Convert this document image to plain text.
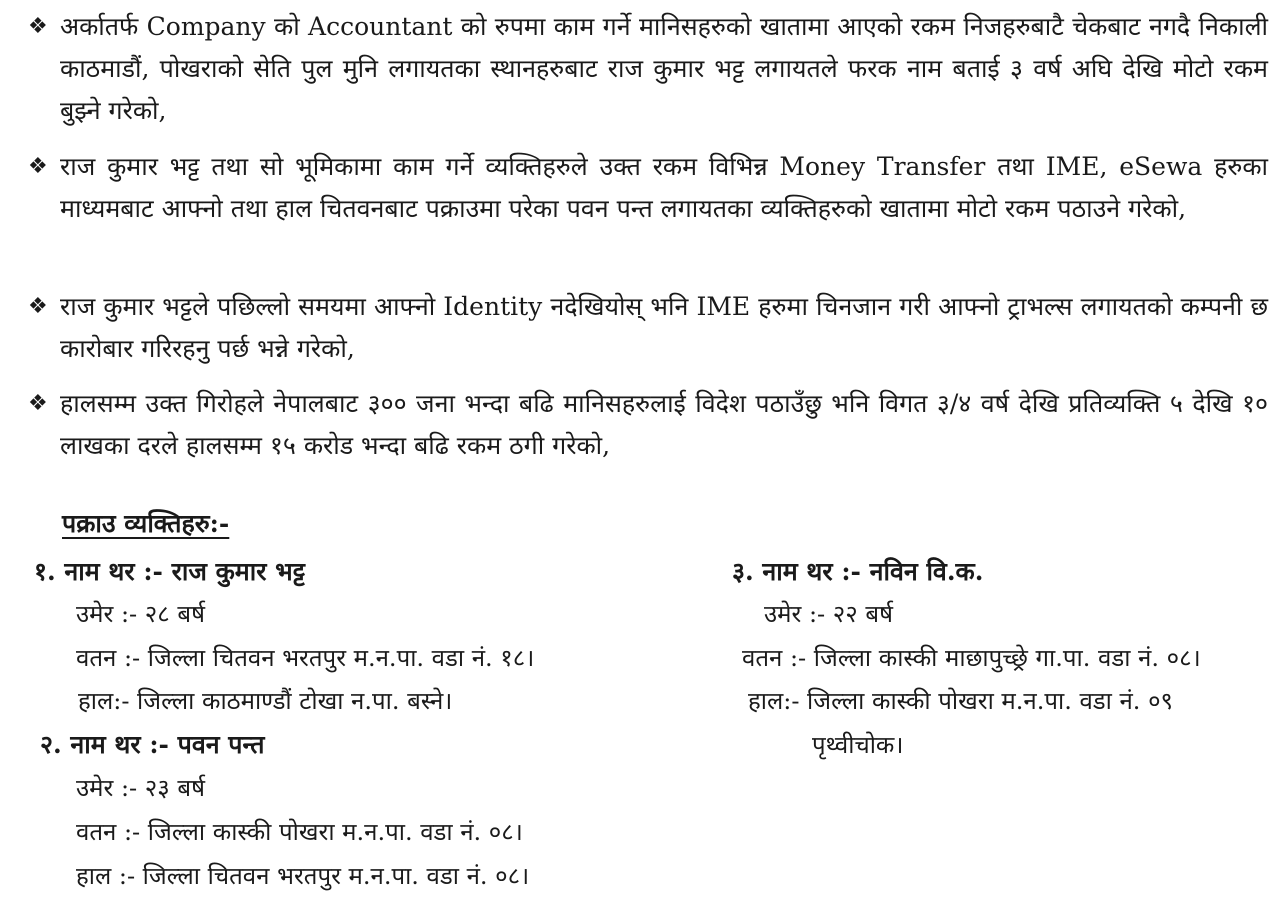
❖ अर्कातर्फ Company को Accountant को रुपमा काम गर्ने मानिसहरुको खातामा आएको रकम निजहरुबाटै चेकबाट नगदै निकाली काठमाडौं, पोखराको सेति पुल मुनि लगायतका स्थानहरुबाट राज कुमार भट्ट लगायतले फरक नाम बताई ३ वर्ष अघि देखि मोटो रकम बुझ्ने गरेको,
❖ राज कुमार भट्ट तथा सो भूमिकामा काम गर्ने व्यक्तिहरुले उक्त रकम विभिन्न Money Transfer तथा IME, eSewa हरुका माध्यमबाट आफ्नो तथा हाल चितवनबाट पक्राउमा परेका पवन पन्त लगायतका व्यक्तिहरुको खातामा मोटो रकम पठाउने गरेको,
❖ राज कुमार भट्टले पछिल्लो समयमा आफ्नो Identity नदेखियोस् भनि IME हरुमा चिनजान गरी आफ्नो ट्राभल्स लगायतको कम्पनी छ कारोबार गरिरहनु पर्छ भन्ने गरेको,
❖ हालसम्म उक्त गिरोहले नेपालबाट ३०० जना भन्दा बढि मानिसहरुलाई विदेश पठाउँछु भनि विगत ३/४ वर्ष देखि प्रतिव्यक्ति ५ देखि १० लाखका दरले हालसम्म १५ करोड भन्दा बढि रकम ठगी गरेको,
पक्राउ व्यक्तिहरु:-
१. नाम थर :- राज कुमार भट्ट
उमेर :- २८ बर्ष
वतन :- जिल्ला चितवन भरतपुर म.न.पा. वडा नं. १८।
हाल:- जिल्ला काठमाण्डौं टोखा न.पा. बस्ने।
२. नाम थर :- पवन पन्त
उमेर :- २३ बर्ष
वतन :- जिल्ला कास्की पोखरा म.न.पा. वडा नं. ०८।
हाल :- जिल्ला चितवन भरतपुर म.न.पा. वडा नं. ०८।
३. नाम थर :- नविन वि.क.
उमेर :- २२ बर्ष
वतन :- जिल्ला कास्की माछापुच्छ्रे गा.पा. वडा नं. ०८।
हाल:- जिल्ला कास्की पोखरा म.न.पा. वडा नं. ०९
पृथ्वीचोक।
